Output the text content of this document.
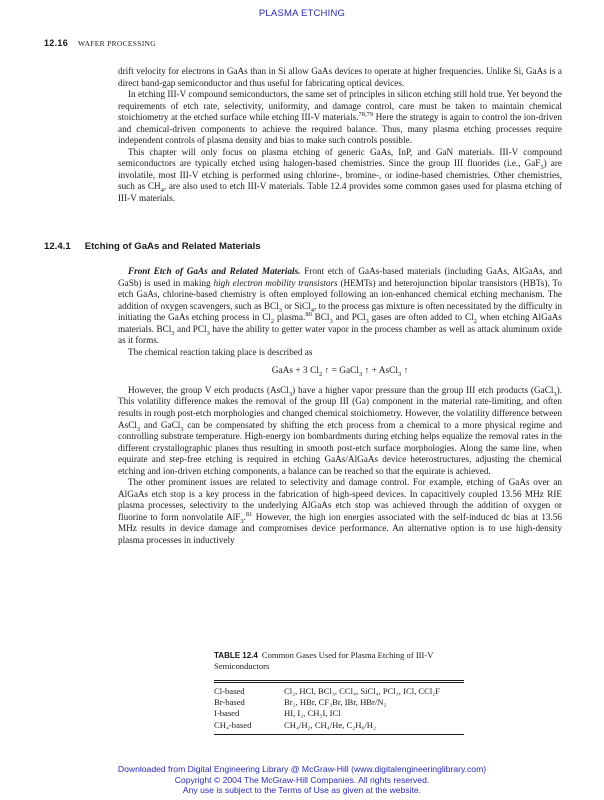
PLASMA ETCHING
12.16 WAFER PROCESSING

drift velocity for electrons in GaAs than in Si allow GaAs devices to operate at higher frequencies. Unlike Si, GaAs is a direct band-gap semiconductor and thus useful for fabricating optical devices.

In etching III-V compound semiconductors, the same set of principles in silicon etching still hold true. Yet beyond the requirements of etch rate, selectivity, uniformity, and damage control, care must be taken to maintain chemical stoichiometry at the etched surface while etching III-V materials.$^{78,79}$ Here the strategy is again to control the ion-driven and chemical-driven components to achieve the required balance. Thus, many plasma etching processes require independent controls of plasma density and bias to make such controls possible.

This chapter will only focus on plasma etching of generic GaAs, InP, and GaN materials. III-V compound semiconductors are typically etched using halogen-based chemistries. Since the group III fluorides (i.e., GaF$_3$) are involatile, most III-V etching is performed using chlorine-, bromine-, or iodine-based chemistries. Other chemistries, such as $CH_4$, are also used to etch III-V materials. Table 12.4 provides some common gases used for plasma etching of III-V materials.

12.4.1 Etching of GaAs and Related Materials

Front Etch of GaAs and Related Materials. Front etch of GaAs-based materials (including GaAs, AlGaAs, and GaSb) is used in making high electron mobility transistors (HEMTs) and heterojunction bipolar transistors (HBTs). To etch GaAs, chlorine-based chemistry is often employed following an ion-enhanced chemical etching mechanism. The addition of oxygen scavengers, such as BCl$_3$ or SiCl$_4$, to the process gas mixture is often necessitated by the difficulty in initiating the GaAs etching process in $Cl_2$ plasma.$^{80}$ BCl$_3$ and PCl$_3$ gases are often added to $Cl_2$ when etching AlGaAs materials. BCl$_3$ and PCl$_3$ have the ability to getter water vapor in the process chamber as well as attack aluminum oxide as it forms.

The chemical reaction taking place is described as

GaAs + 3 $Cl_2$ ↑ = GaCl$_3$ ↑ + AsCl$_3$ ↑

However, the group V etch products (AsCl$_3$) have a higher vapor pressure than the group III etch products (GaCl$_3$). This volatility difference makes the removal of the group III (Ga) component in the material rate-limiting, and often results in rough post-etch morphologies and changed chemical stoichiometry. However, the volatility difference between AsCl$_3$ and GaCl$_3$ can be compensated by shifting the etch process from a chemical to a more physical regime and controlling substrate temperature. High-energy ion bombardments during etching helps equalize the removal rates in the different crystallographic planes thus resulting in smooth post-etch surface morphologies. Along the same line, when equirate and step-free etching is required in etching GaAs/AlGaAs device heterostructures, adjusting the chemical etching and ion-driven etching components, a balance can be reached so that the equirate is achieved.

The other prominent issues are related to selectivity and damage control. For example, etching of GaAs over an AlGaAs etch stop is a key process in the fabrication of high-speed devices. In capacitively coupled 13.56 MHz RIE plasma processes, selectivity to the underlying AlGaAs etch stop was achieved through the addition of oxygen or fluorine to form nonvolatile AlF$_3$.$^{81}$ However, the high ion energies associated with the self-induced dc bias at 13.56 MHz results in device damage and compromises device performance. An alternative option is to use high-density plasma processes in inductively

TABLE 12.4 Common Gases Used for Plasma Etching of III-V Semiconductors
Cl-based	Cl₂, HCl, BCl₃, CCl₄, SiCl₄, PCl₃, ICl, CCl₂F
Br-based	Br₂, HBr, CF₃Br, IBr, HBr/N₂
I-based	HI, I₂, CH₃I, ICl
CH₄-based	CH₄/H₂, CH₄/He, C₂H₆/H₂
Downloaded from Digital Engineering Library @ McGraw-Hill (www.digitalengineeringlibrary.com)
Copyright © 2004 The McGraw-Hill Companies. All rights reserved.
Any use is subject to the Terms of Use as given at the website.
